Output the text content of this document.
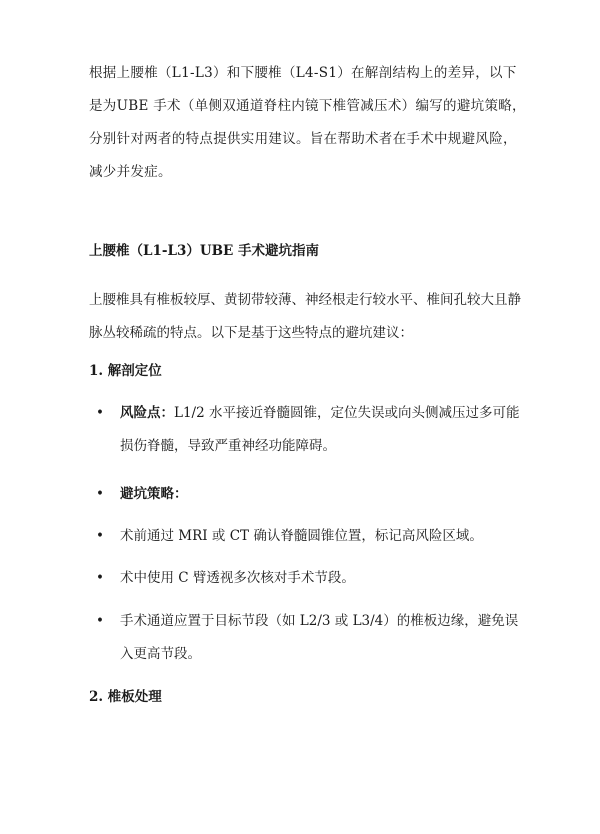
根据上腰椎（L1-L3）和下腰椎（L4-S1）在解剖结构上的差异，以下是为UBE 手术（单侧双通道脊柱内镜下椎管减压术）编写的避坑策略，分别针对两者的特点提供实用建议。旨在帮助术者在手术中规避风险，减少并发症。

上腰椎（L1-L3）UBE 手术避坑指南

上腰椎具有椎板较厚、黄韧带较薄、神经根走行较水平、椎间孔较大且静脉丛较稀疏的特点。以下是基于这些特点的避坑建议：

1. 解剖定位
•	风险点：L1/2 水平接近脊髓圆锥，定位失误或向头侧减压过多可能损伤脊髓，导致严重神经功能障碍。
•	避坑策略：
•	术前通过 MRI 或 CT 确认脊髓圆锥位置，标记高风险区域。
•	术中使用 C 臂透视多次核对手术节段。
•	手术通道应置于目标节段（如 L2/3 或 L3/4）的椎板边缘，避免误入更高节段。
2. 椎板处理
